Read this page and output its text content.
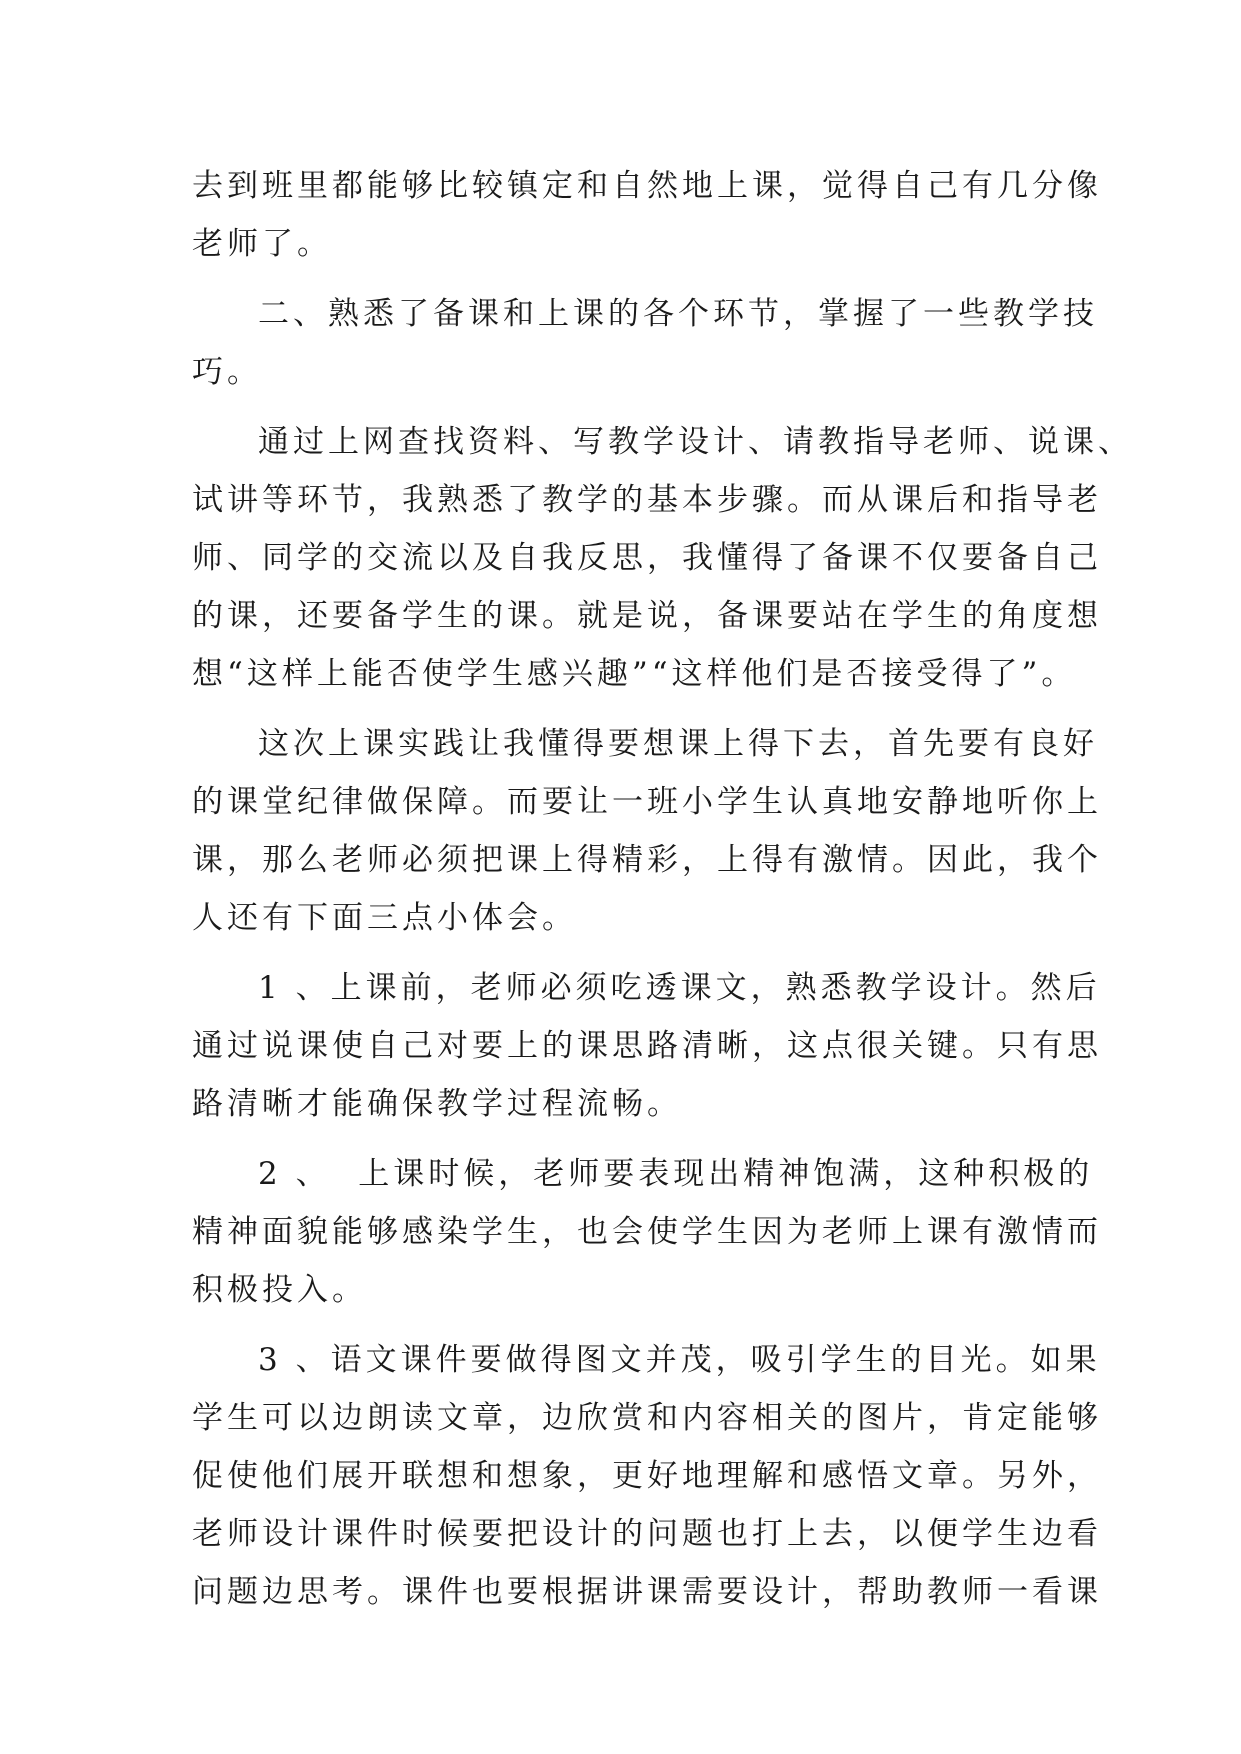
去到班里都能够比较镇定和自然地上课，觉得自己有几分像
老师了。
二、熟悉了备课和上课的各个环节，掌握了一些教学技
巧。
通过上网查找资料、写教学设计、请教指导老师、说课、
试讲等环节，我熟悉了教学的基本步骤。而从课后和指导老
师、同学的交流以及自我反思，我懂得了备课不仅要备自己
的课，还要备学生的课。就是说，备课要站在学生的角度想
想“这样上能否使学生感兴趣”“这样他们是否接受得了”。
这次上课实践让我懂得要想课上得下去，首先要有良好
的课堂纪律做保障。而要让一班小学生认真地安静地听你上
课，那么老师必须把课上得精彩，上得有激情。因此，我个
人还有下面三点小体会。
1 、上课前，老师必须吃透课文，熟悉教学设计。然后
通过说课使自己对要上的课思路清晰，这点很关键。只有思
路清晰才能确保教学过程流畅。
2 、  上课时候，老师要表现出精神饱满，这种积极的
精神面貌能够感染学生，也会使学生因为老师上课有激情而
积极投入。
3 、语文课件要做得图文并茂，吸引学生的目光。如果
学生可以边朗读文章，边欣赏和内容相关的图片，肯定能够
促使他们展开联想和想象，更好地理解和感悟文章。另外，
老师设计课件时候要把设计的问题也打上去，以便学生边看
问题边思考。课件也要根据讲课需要设计，帮助教师一看课
